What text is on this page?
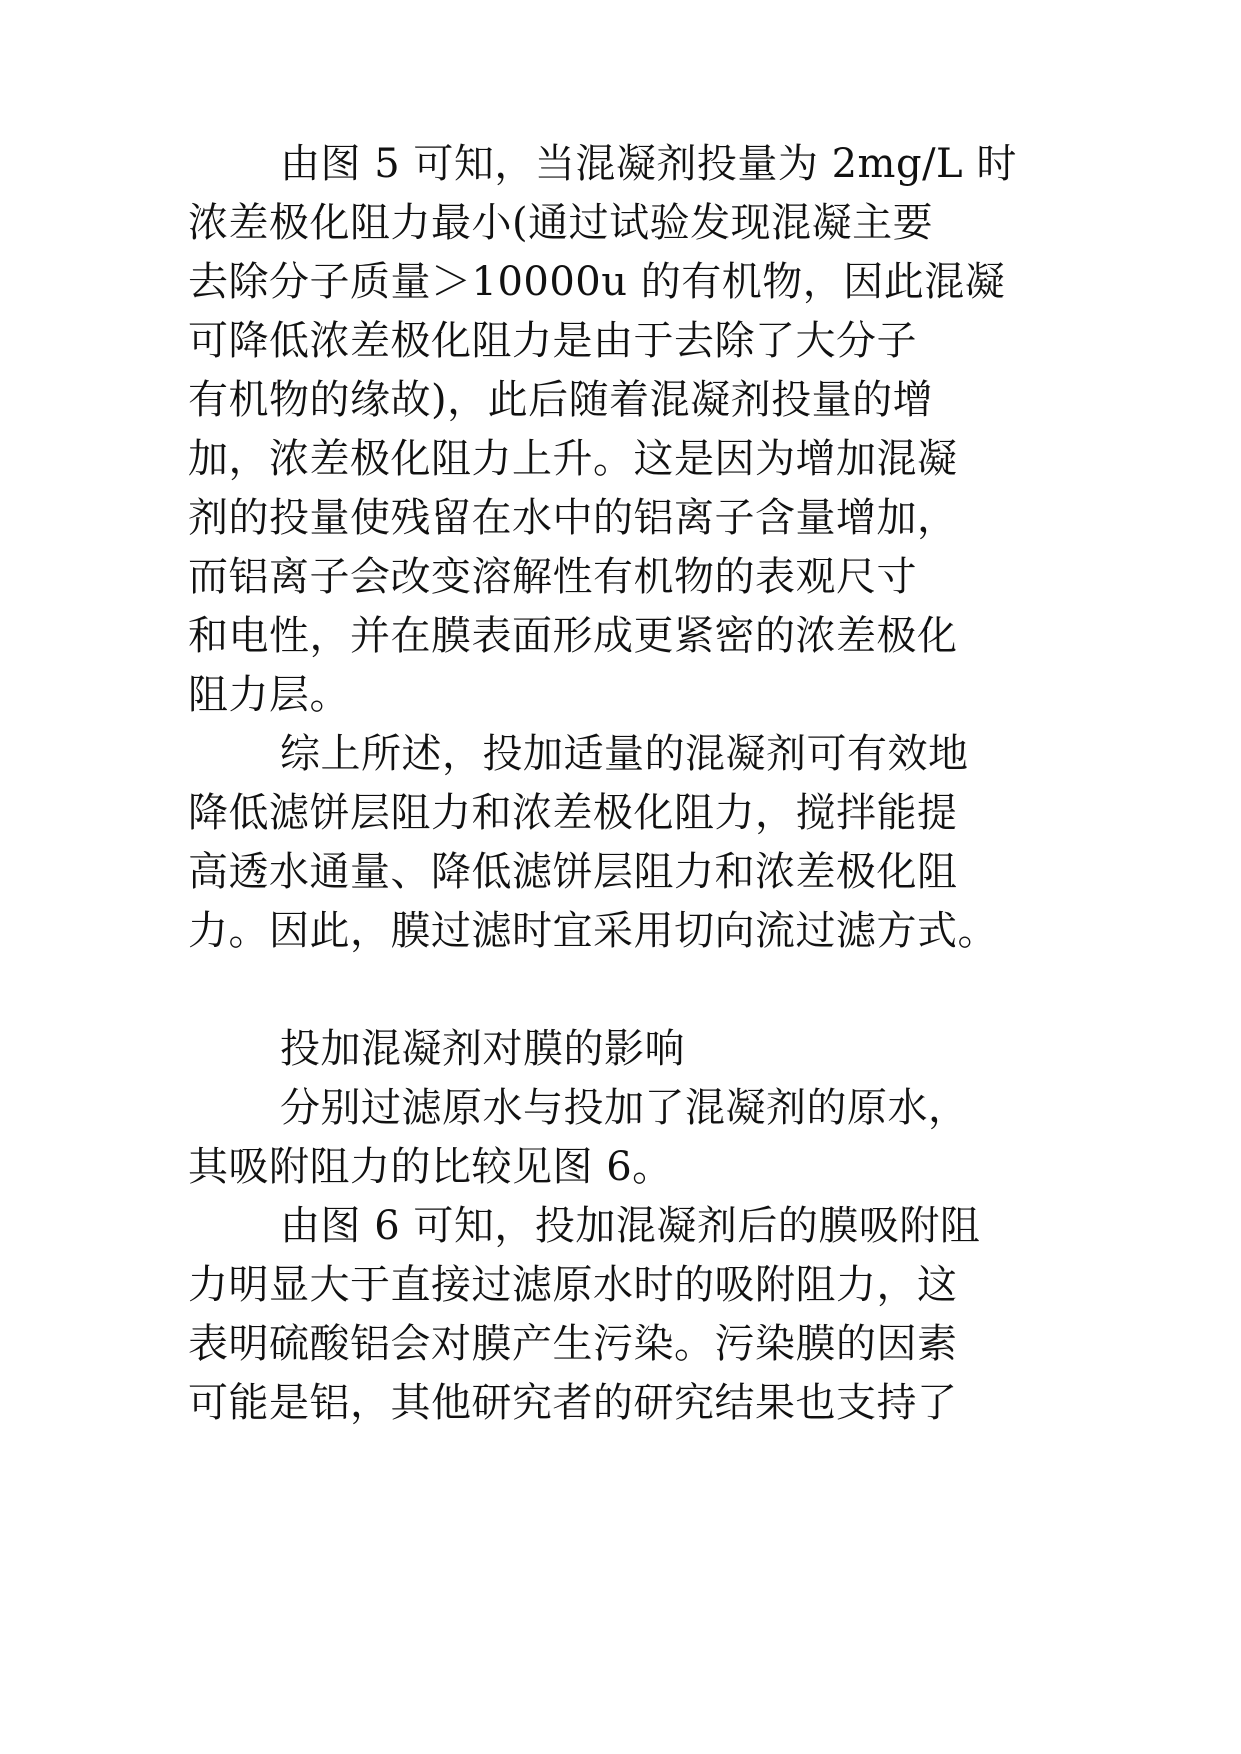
由图 5 可知，当混凝剂投量为 2mg/L 时

浓差极化阻力最小(通过试验发现混凝主要

去除分子质量＞10000u 的有机物，因此混凝

可降低浓差极化阻力是由于去除了大分子

有机物的缘故)，此后随着混凝剂投量的增

加，浓差极化阻力上升。这是因为增加混凝

剂的投量使残留在水中的铝离子含量增加，

而铝离子会改变溶解性有机物的表观尺寸

和电性，并在膜表面形成更紧密的浓差极化

阻力层。

综上所述，投加适量的混凝剂可有效地

降低滤饼层阻力和浓差极化阻力，搅拌能提

高透水通量、降低滤饼层阻力和浓差极化阻

力。因此，膜过滤时宜采用切向流过滤方式。

投加混凝剂对膜的影响

分别过滤原水与投加了混凝剂的原水，

其吸附阻力的比较见图 6。

由图 6 可知，投加混凝剂后的膜吸附阻

力明显大于直接过滤原水时的吸附阻力，这

表明硫酸铝会对膜产生污染。污染膜的因素

可能是铝，其他研究者的研究结果也支持了
